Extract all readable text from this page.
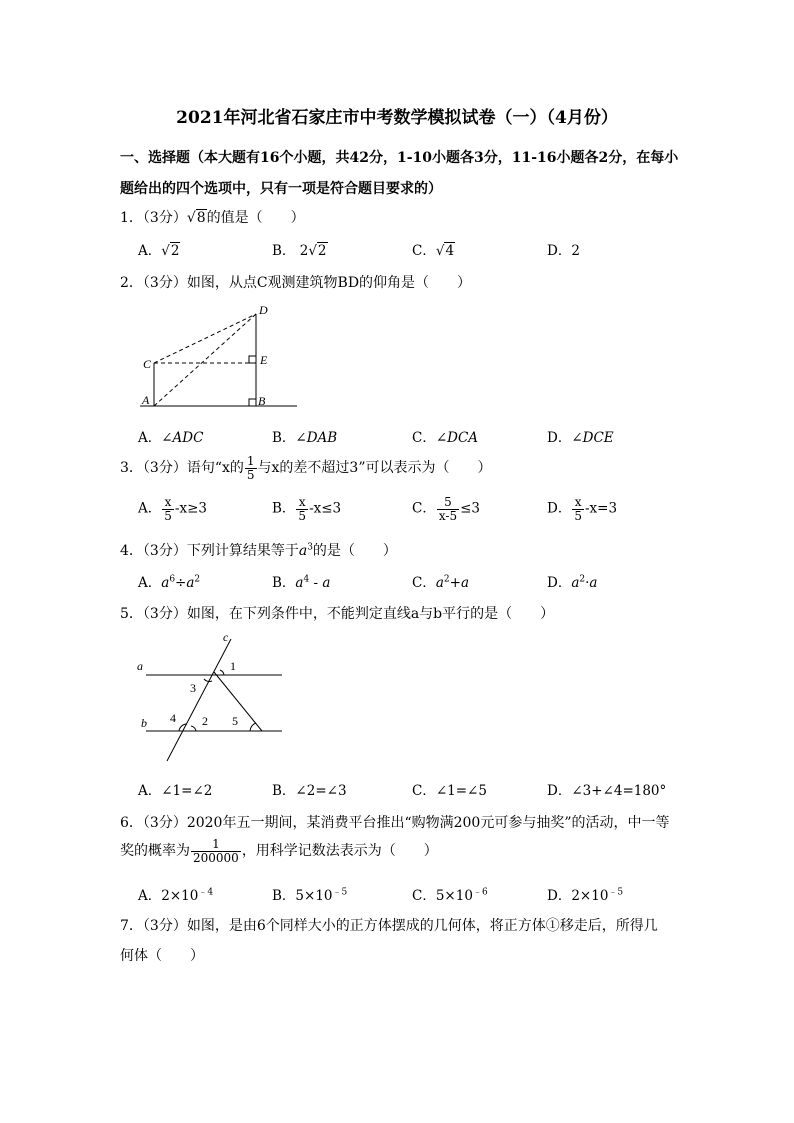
2021年河北省石家庄市中考数学模拟试卷（一）（4月份）
一、选择题（本大题有16个小题，共42分，1-10小题各3分，11-16小题各2分，在每小
题给出的四个选项中，只有一项是符合题目要求的）
1．（3分）√8的值是（　　）
A．√2	B． 2√2	C．√4	D．2
2．（3分）如图，从点C观测建筑物BD的仰角是（　　）
C
A
D
E
B
A．∠ADC	B．∠DAB	C．∠DCA	D．∠DCE
3．（3分）语句“x的 $\frac{1}{5}$ 与x的差不超过3”可以表示为（　　）
A． $\frac{x}{5} -x\ge 3$	B． $\frac{x}{5} -x\le 3$	C． $\frac{5}{x-5} \le 3$	D． $\frac{x}{5} -x=3$
4．（3分）下列计算结果等于$a^3$的是（　　）
A．$a^6\div a^2$	B．$a^4$ - a	C．$a^2+a$	D．$a^2\cdot a$
5．（3分）如图，在下列条件中，不能判定直线a与b平行的是（　　）
a
b
c
1
2
3
4	5
A．∠1=∠2	B．∠2=∠3	C．∠1=∠5	D．∠3+∠4=180°
6．（3分）2020年五一期间，某消费平台推出“购物满200元可参与抽奖”的活动，中一等
奖的概率为 $\frac{1}{200000}$ ，用科学记数法表示为（　　）
A．$2\times 10^{﹣4}$	B．$5\times 10^{﹣5}$	C．$5\times 10^{﹣6}$	D．$2\times 10^{﹣5}$
7．（3分）如图，是由6个同样大小的正方体摆成的几何体，将正方体①移走后，所得几
何体（　　）
